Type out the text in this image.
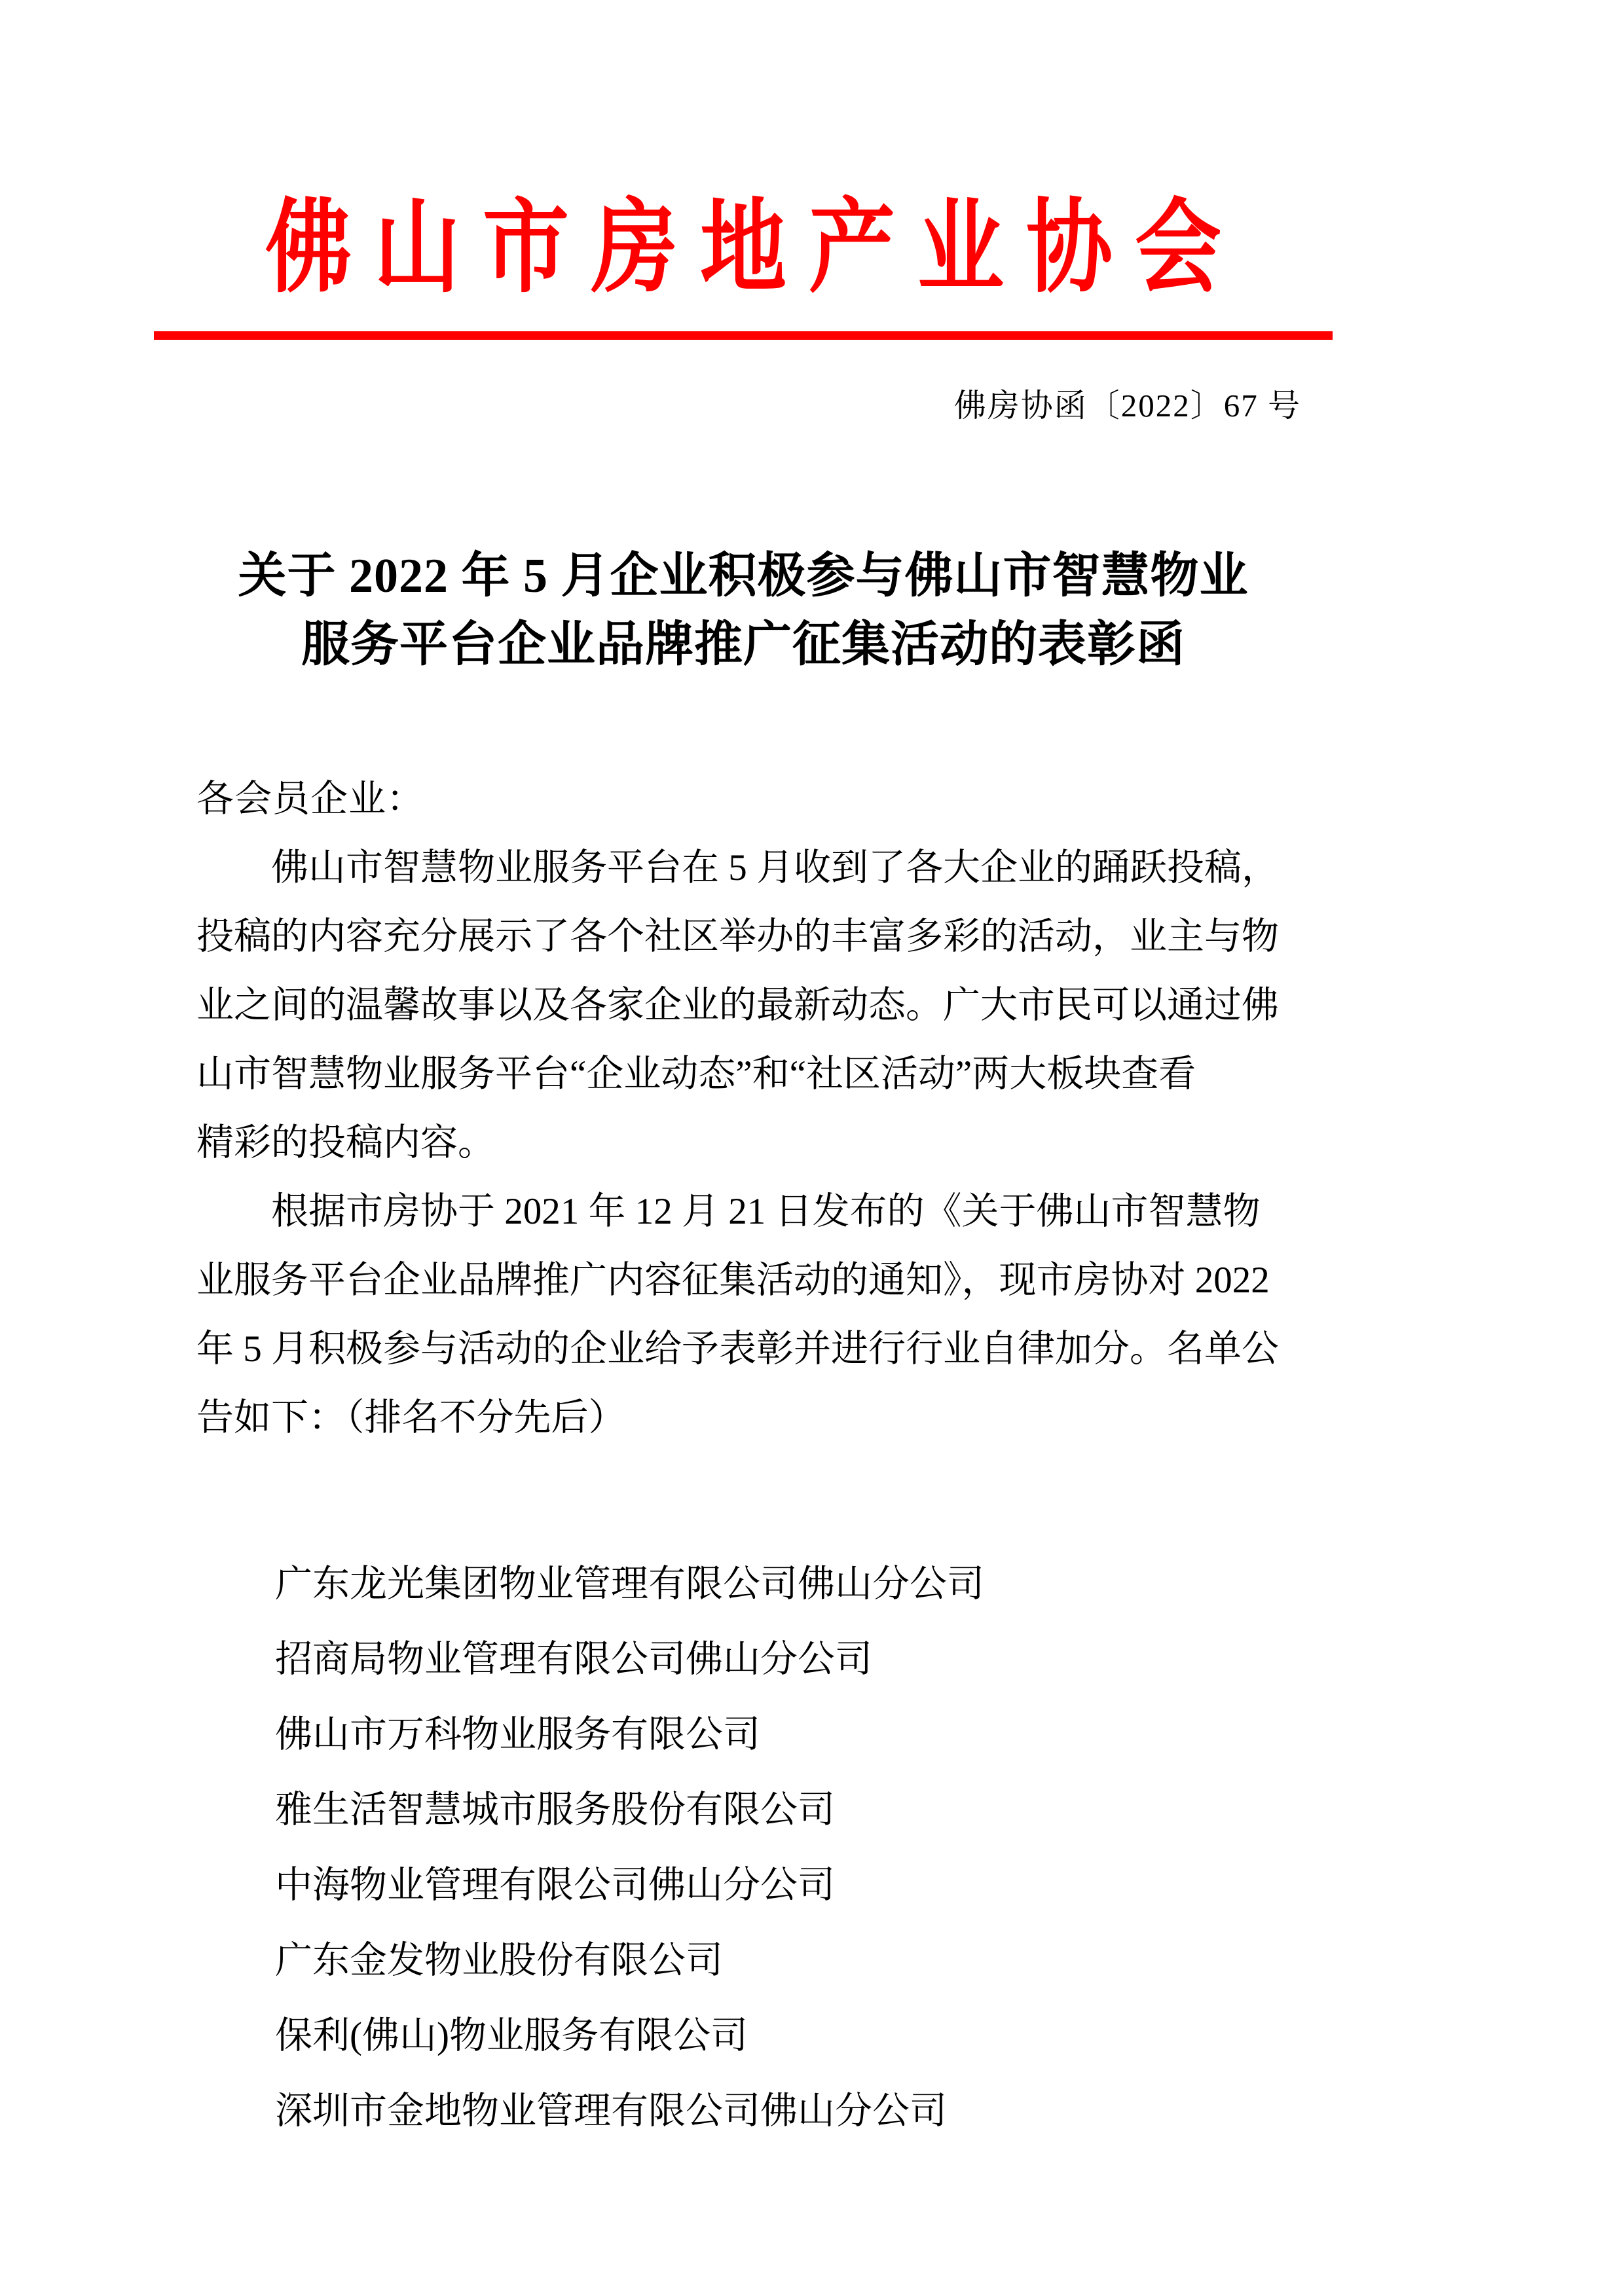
佛山市房地产业协会
佛房协函〔2022〕67 号
关于 2022 年 5 月企业积极参与佛山市智慧物业
服务平台企业品牌推广征集活动的表彰函

各会员企业：

　　佛山市智慧物业服务平台在 5 月收到了各大企业的踊跃投稿，
投稿的内容充分展示了各个社区举办的丰富多彩的活动，业主与物
业之间的温馨故事以及各家企业的最新动态。广大市民可以通过佛
山市智慧物业服务平台“企业动态”和“社区活动”两大板块查看
精彩的投稿内容。

　　根据市房协于 2021 年 12 月 21 日发布的《关于佛山市智慧物
业服务平台企业品牌推广内容征集活动的通知》，现市房协对 2022
年 5 月积极参与活动的企业给予表彰并进行行业自律加分。名单公
告如下：（排名不分先后）

广东龙光集团物业管理有限公司佛山分公司
招商局物业管理有限公司佛山分公司
佛山市万科物业服务有限公司
雅生活智慧城市服务股份有限公司
中海物业管理有限公司佛山分公司
广东金发物业股份有限公司
保利(佛山)物业服务有限公司
深圳市金地物业管理有限公司佛山分公司
